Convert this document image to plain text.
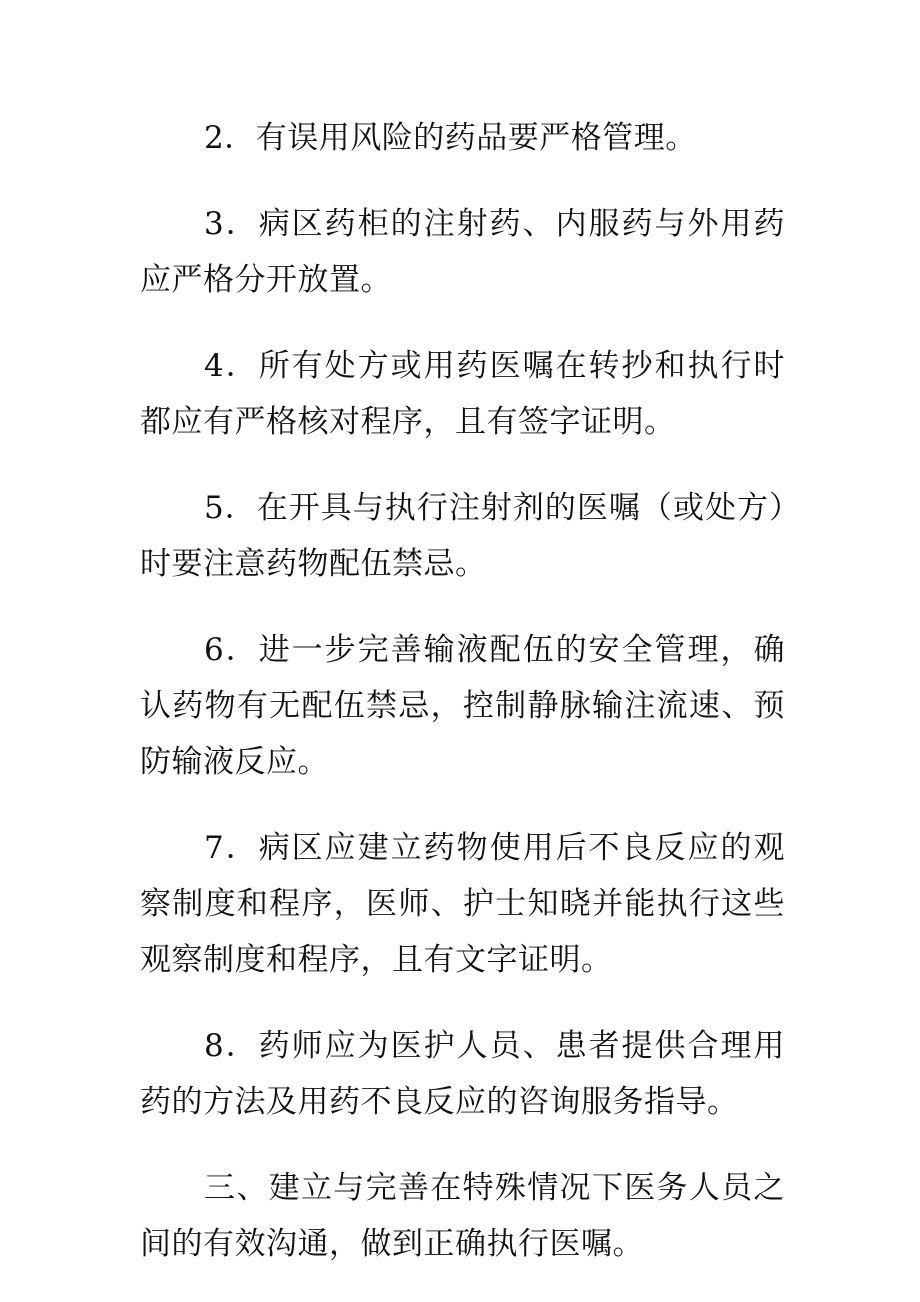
2．有误用风险的药品要严格管理。

3．病区药柜的注射药、内服药与外用药应严格分开放置。

4．所有处方或用药医嘱在转抄和执行时都应有严格核对程序，且有签字证明。

5．在开具与执行注射剂的医嘱（或处方）时要注意药物配伍禁忌。

6．进一步完善输液配伍的安全管理，确认药物有无配伍禁忌，控制静脉输注流速、预防输液反应。

7．病区应建立药物使用后不良反应的观察制度和程序，医师、护士知晓并能执行这些观察制度和程序，且有文字证明。

8．药师应为医护人员、患者提供合理用药的方法及用药不良反应的咨询服务指导。

三、建立与完善在特殊情况下医务人员之间的有效沟通，做到正确执行医嘱。
